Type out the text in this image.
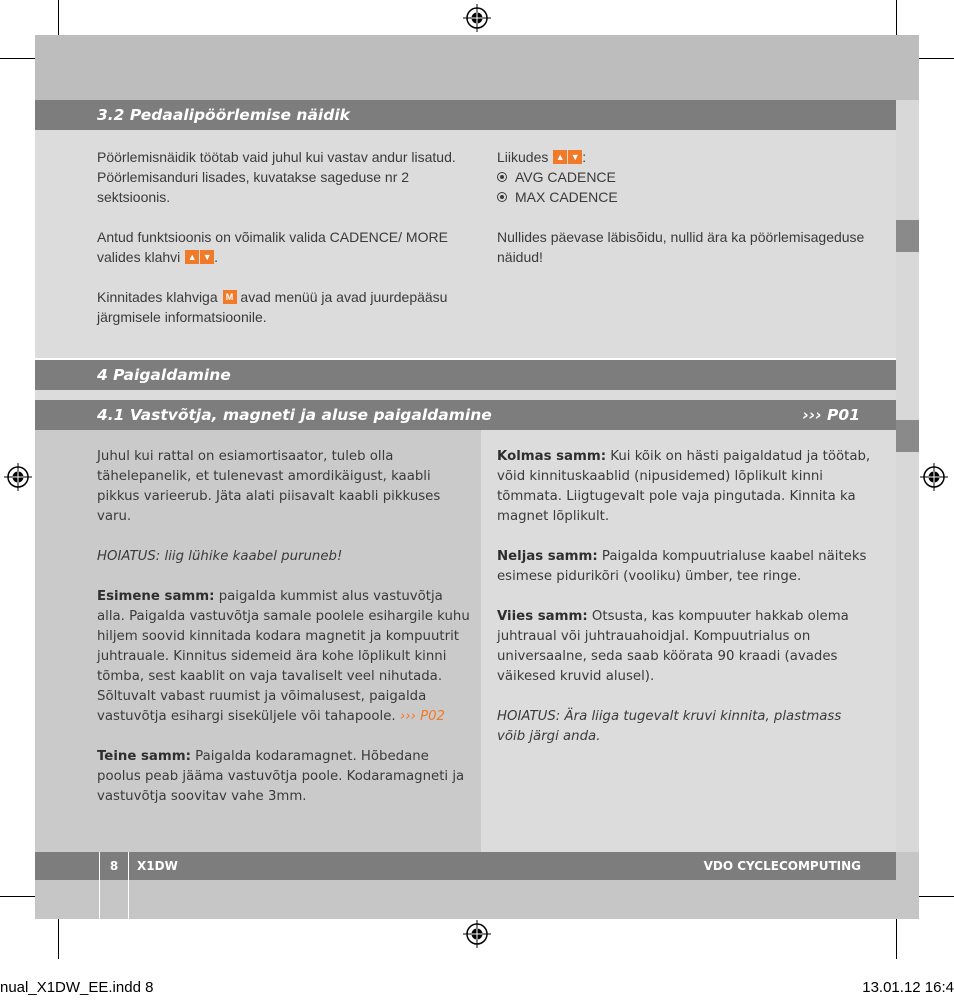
3.2 Pedaalipöörlemise näidik

Pöörlemisnäidik töötab vaid juhul kui vastav andur lisatud. Pöörlemisanduri lisades, kuvatakse sageduse nr 2 sektsioonis.

Antud funktsioonis on võimalik valida CADENCE/ MORE valides klahvi ▲ ▼ .

Kinnitades klahviga M avad menüü ja avad juurdepääsu järgmisele informatsioonile.

Liikudes ▲ ▼ :
AVG CADENCE
MAX CADENCE

Nullides päevase läbisõidu, nullid ära ka pöörlemisageduse näidud!

4 Paigaldamine
4.1 Vastvõtja, magneti ja aluse paigaldamine	››› P01

Juhul kui rattal on esiamortisaator, tuleb olla tähelepanelik, et tulenevast amordikäigust, kaabli pikkus varieerub. Jäta alati piisavalt kaabli pikkuses varu.

HOIATUS: liig lühike kaabel puruneb!

Esimene samm: paigalda kummist alus vastuvõtja alla. Paigalda vastuvõtja samale poolele esihargile kuhu hiljem soovid kinnitada kodara magnetit ja kompuutrit juhtrauale. Kinnitus sidemeid ära kohe lõplikult kinni tõmba, sest kaablit on vaja tavaliselt veel nihutada. Sõltuvalt vabast ruumist ja võimalusest, paigalda vastuvõtja esihargi siseküljele või tahapoole. ››› P02

Teine samm: Paigalda kodaramagnet. Hõbedane poolus peab jääma vastuvõtja poole. Kodaramagneti ja vastuvõtja soovitav vahe 3mm.

Kolmas samm: Kui kõik on hästi paigaldatud ja töötab, võid kinnituskaablid (nipusidemed) lõplikult kinni tõmmata. Liigtugevalt pole vaja pingutada. Kinnita ka magnet lõplikult.

Neljas samm: Paigalda kompuutrialuse kaabel näiteks esimese pidurikõri (vooliku) ümber, tee ringe.

Viies samm: Otsusta, kas kompuuter hakkab olema juhtraual või juhtrauahoidjal. Kompuutrialus on universaalne, seda saab köörata 90 kraadi (avades väikesed kruvid alusel).

HOIATUS: Ära liiga tugevalt kruvi kinnita, plastmass võib järgi anda.

8	X1DW	VDO CYCLECOMPUTING
nual_X1DW_EE.indd 8	13.01.12 16:4
